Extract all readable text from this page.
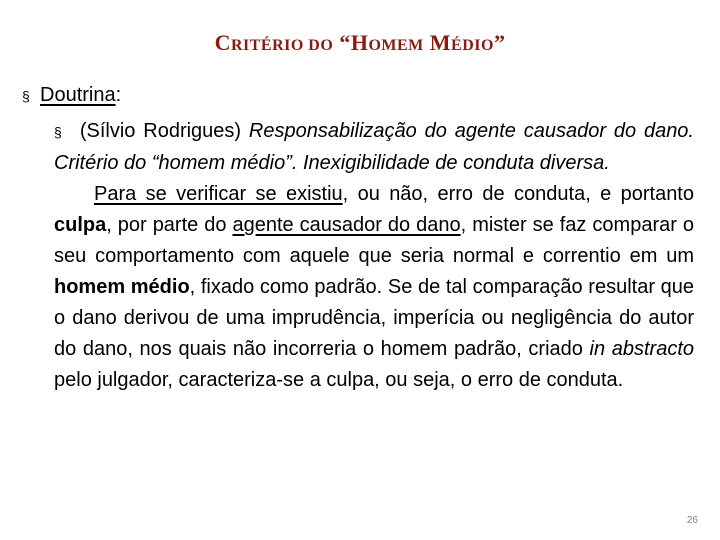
CRITÉRIO DO “HOMEM MÉDIO”
§ Doutrina:

§ (Sílvio Rodrigues) Responsabilização do agente causador do dano. Critério do “homem médio”. Inexigibilidade de conduta diversa.

Para se verificar se existiu, ou não, erro de conduta, e portanto culpa, por parte do agente causador do dano, mister se faz comparar o seu comportamento com aquele que seria normal e correntio em um homem médio, fixado como padrão. Se de tal comparação resultar que o dano derivou de uma imprudência, imperícia ou negligência do autor do dano, nos quais não incorreria o homem padrão, criado in abstracto pelo julgador, caracteriza-se a culpa, ou seja, o erro de conduta.

26
